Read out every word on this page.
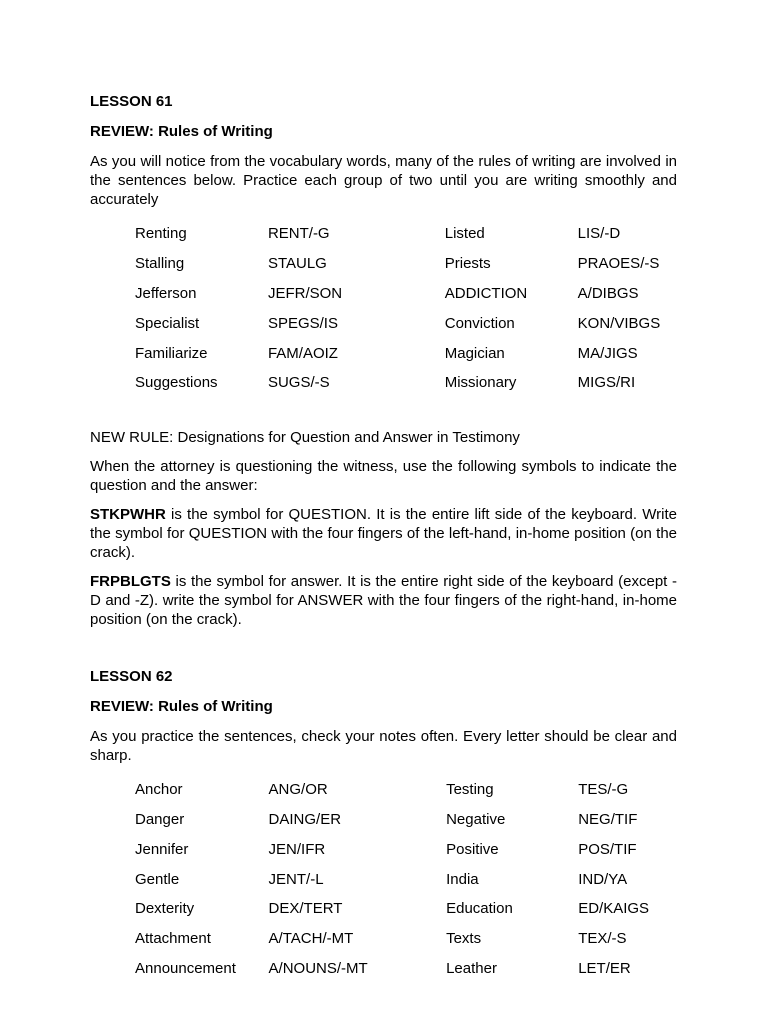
LESSON 61
REVIEW: Rules of Writing
As you will notice from the vocabulary words, many of the rules of writing are involved in the sentences below. Practice each group of two until you are writing smoothly and accurately
Renting	RENT/-G	Listed	LIS/-D
Stalling	STAULG	Priests	PRAOES/-S
Jefferson	JEFR/SON	ADDICTION	A/DIBGS
Specialist	SPEGS/IS	Conviction	KON/VIBGS
Familiarize	FAM/AOIZ	Magician	MA/JIGS
Suggestions	SUGS/-S	Missionary	MIGS/RI
NEW RULE: Designations for Question and Answer in Testimony
When the attorney is questioning the witness, use the following symbols to indicate the question and the answer:
STKPWHR is the symbol for QUESTION. It is the entire lift side of the keyboard. Write the symbol for QUESTION with the four fingers of the left-hand, in-home position (on the crack).
FRPBLGTS is the symbol for answer. It is the entire right side of the keyboard (except -D and -Z). write the symbol for ANSWER with the four fingers of the right-hand, in-home position (on the crack).
LESSON 62
REVIEW: Rules of Writing
As you practice the sentences, check your notes often. Every letter should be clear and sharp.
Anchor	ANG/OR	Testing	TES/-G
Danger	DAING/ER	Negative	NEG/TIF
Jennifer	JEN/IFR	Positive	POS/TIF
Gentle	JENT/-L	India	IND/YA
Dexterity	DEX/TERT	Education	ED/KAIGS
Attachment	A/TACH/-MT	Texts	TEX/-S
Announcement	A/NOUNS/-MT	Leather	LET/ER
